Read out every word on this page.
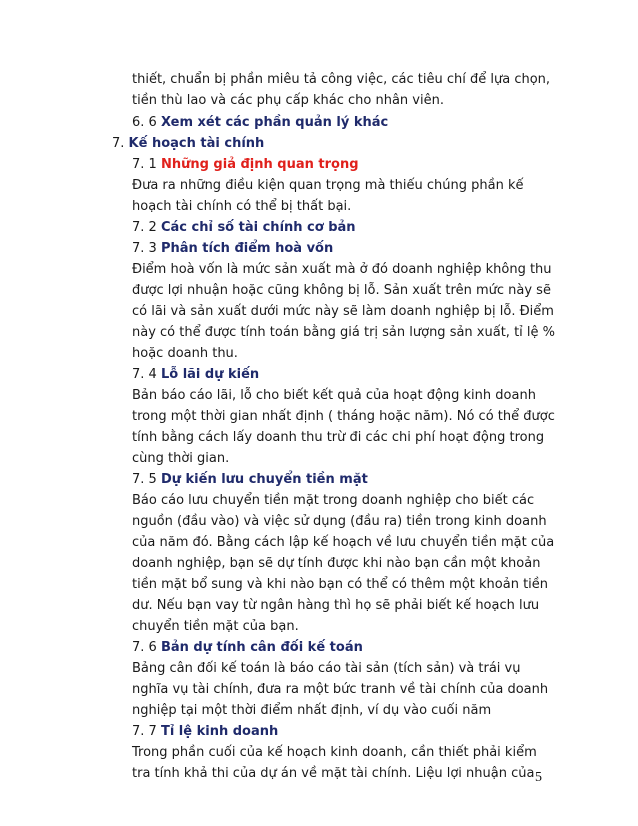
thiết, chuẩn bị phần miêu tả công việc, các tiêu chí để lựa chọn,
tiền thù lao và các phụ cấp khác cho nhân viên.
6. 6 Xem xét các phần quản lý khác
7. Kế hoạch tài chính
7. 1 Những giả định quan trọng
Đưa ra những điều kiện quan trọng mà thiếu chúng phần kế
hoạch tài chính có thể bị thất bại.
7. 2 Các chỉ số tài chính cơ bản
7. 3 Phân tích điểm hoà vốn
Điểm hoà vốn là mức sản xuất mà ở đó doanh nghiệp không thu
được lợi nhuận hoặc cũng không bị lỗ. Sản xuất trên mức này sẽ
có lãi và sản xuất dưới mức này sẽ làm doanh nghiệp bị lỗ. Điểm
này có thể được tính toán bằng giá trị sản lượng sản xuất, tỉ lệ %
hoặc doanh thu.
7. 4 Lỗ lãi dự kiến
Bản báo cáo lãi, lỗ cho biết kết quả của hoạt động kinh doanh
trong một thời gian nhất định ( tháng hoặc năm). Nó có thể được
tính bằng cách lấy doanh thu trừ đi các chi phí hoạt động trong
cùng thời gian.
7. 5 Dự kiến lưu chuyển tiền mặt
Báo cáo lưu chuyển tiền mặt trong doanh nghiệp cho biết các
nguồn (đầu vào) và việc sử dụng (đầu ra) tiền trong kinh doanh
của năm đó. Bằng cách lập kế hoạch về lưu chuyển tiền mặt của
doanh nghiệp, bạn sẽ dự tính được khi nào bạn cần một khoản
tiền mặt bổ sung và khi nào bạn có thể có thêm một khoản tiền
dư. Nếu bạn vay từ ngân hàng thì họ sẽ phải biết kế hoạch lưu
chuyển tiền mặt của bạn.
7. 6 Bản dự tính cân đối kế toán
Bảng cân đối kế toán là báo cáo tài sản (tích sản) và trái vụ
nghĩa vụ tài chính, đưa ra một bức tranh về tài chính của doanh
nghiệp tại một thời điểm nhất định, ví dụ vào cuối năm
7. 7 Tỉ lệ kinh doanh
Trong phần cuối của kế hoạch kinh doanh, cần thiết phải kiểm
tra tính khả thi của dự án về mặt tài chính. Liệu lợi nhuận của 5
